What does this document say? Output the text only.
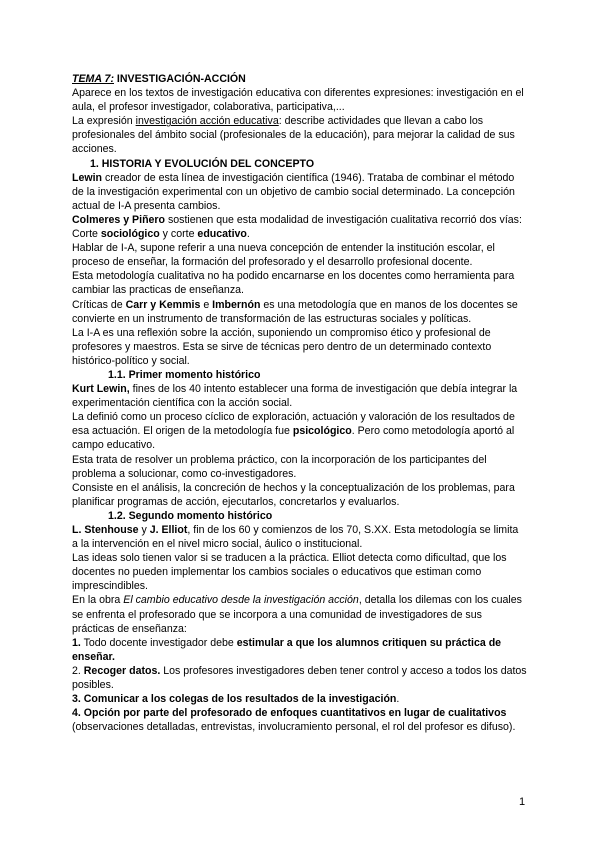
TEMA 7: INVESTIGACIÓN-ACCIÓN

Aparece en los textos de investigación educativa con diferentes expresiones: investigación en el aula, el profesor investigador, colaborativa, participativa,...

La expresión investigación acción educativa: describe actividades que llevan a cabo los profesionales del ámbito social (profesionales de la educación), para mejorar la calidad de sus acciones.

1. HISTORIA Y EVOLUCIÓN DEL CONCEPTO

Lewin creador de esta línea de investigación científica (1946). Trataba de combinar el método de la investigación experimental con un objetivo de cambio social determinado. La concepción actual de I-A presenta cambios.

Colmeres y Piñero sostienen que esta modalidad de investigación cualitativa recorrió dos vías: Corte sociológico y corte educativo.

Hablar de I-A, supone referir a una nueva concepción de entender la institución escolar, el proceso de enseñar, la formación del profesorado y el desarrollo profesional docente.

Esta metodología cualitativa no ha podido encarnarse en los docentes como herramienta para cambiar las practicas de enseñanza.

Críticas de Carr y Kemmis e Imbernón es una metodología que en manos de los docentes se convierte en un instrumento de transformación de las estructuras sociales y políticas.

La I-A es una reflexión sobre la acción, suponiendo un compromiso ético y profesional de profesores y maestros. Esta se sirve de técnicas pero dentro de un determinado contexto histórico-político y social.

1.1. Primer momento histórico

Kurt Lewin, fines de los 40 intento establecer una forma de investigación que debía integrar la experimentación científica con la acción social.

La definió como un proceso cíclico de exploración, actuación y valoración de los resultados de esa actuación. El origen de la metodología fue psicológico. Pero como metodología aportó al campo educativo.

Esta trata de resolver un problema práctico, con la incorporación de los participantes del problema a solucionar, como co-investigadores.

Consiste en el análisis, la concreción de hechos y la conceptualización de los problemas, para planificar programas de acción, ejecutarlos, concretarlos y evaluarlos.

1.2. Segundo momento histórico

L. Stenhouse y J. Elliot, fin de los 60 y comienzos de los 70, S.XX. Esta metodología se limita a la intervención en el nivel micro social, áulico o institucional.

Las ideas solo tienen valor si se traducen a la práctica. Elliot detecta como dificultad, que los docentes no pueden implementar los cambios sociales o educativos que estiman como imprescindibles.

En la obra El cambio educativo desde la investigación acción, detalla los dilemas con los cuales se enfrenta el profesorado que se incorpora a una comunidad de investigadores de sus prácticas de enseñanza:

1. Todo docente investigador debe estimular a que los alumnos critiquen su práctica de enseñar.

2. Recoger datos. Los profesores investigadores deben tener control y acceso a todos los datos posibles.

3. Comunicar a los colegas de los resultados de la investigación.

4. Opción por parte del profesorado de enfoques cuantitativos en lugar de cualitativos (observaciones detalladas, entrevistas, involucramiento personal, el rol del profesor es difuso).

1
